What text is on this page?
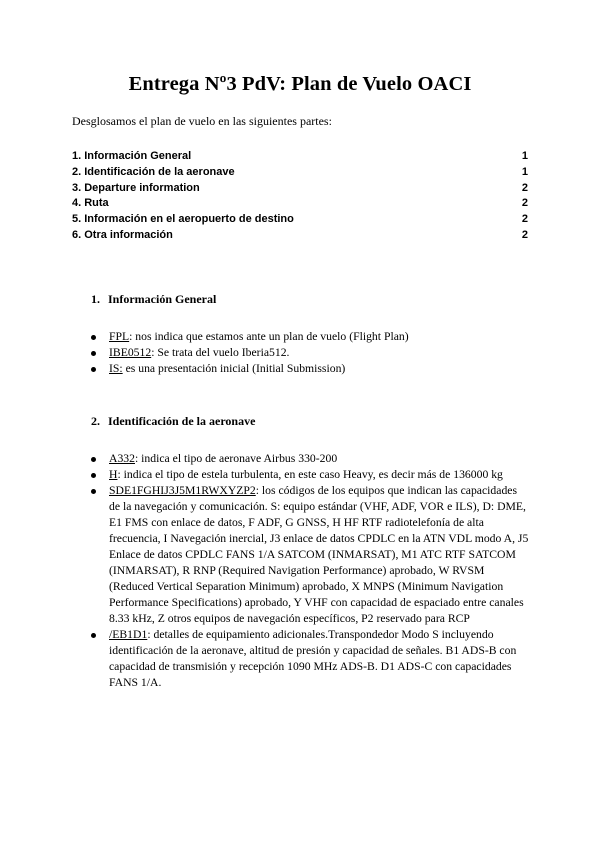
Entrega Nº3 PdV: Plan de Vuelo OACI

Desglosamos el plan de vuelo en las siguientes partes:

1. Información General	1
2. Identificación de la aeronave	1
3. Departure information	2
4. Ruta	2
5. Información en el aeropuerto de destino	2
6. Otra información	2
1. Información General
FPL: nos indica que estamos ante un plan de vuelo (Flight Plan)
IBE0512: Se trata del vuelo Iberia512.
IS: es una presentación inicial (Initial Submission)
2. Identificación de la aeronave
A332: indica el tipo de aeronave Airbus 330-200
H: indica el tipo de estela turbulenta, en este caso Heavy, es decir más de 136000 kg
SDE1FGHIJ3J5M1RWXYZP2: los códigos de los equipos que indican las capacidades de la navegación y comunicación. S: equipo estándar (VHF, ADF, VOR e ILS), D: DME, E1 FMS con enlace de datos, F ADF, G GNSS, H HF RTF radiotelefonía de alta frecuencia, I Navegación inercial, J3 enlace de datos CPDLC en la ATN VDL modo A, J5 Enlace de datos CPDLC FANS 1/A SATCOM (INMARSAT), M1 ATC RTF SATCOM (INMARSAT), R RNP (Required Navigation Performance) aprobado, W RVSM (Reduced Vertical Separation Minimum) aprobado, X MNPS (Minimum Navigation Performance Specifications) aprobado, Y VHF con capacidad de espaciado entre canales 8.33 kHz, Z otros equipos de navegación específicos, P2 reservado para RCP
/EB1D1: detalles de equipamiento adicionales.Transpondedor Modo S incluyendo identificación de la aeronave, altitud de presión y capacidad de señales. B1 ADS-B con capacidad de transmisión y recepción 1090 MHz ADS-B. D1 ADS-C con capacidades FANS 1/A.
